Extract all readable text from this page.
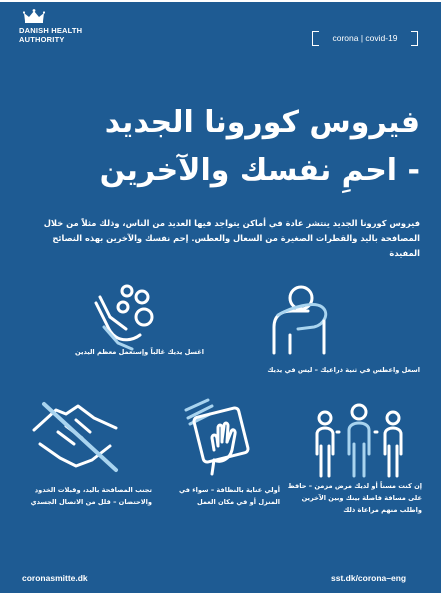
DANISH HEALTH
AUTHORITY	corona | covid-19
فيروس كورونا الجديد
- احمِ نفسك والآخرين
فيروس كورونا الجديد ينتشر عادة في أماكن يتواجد فيها العديد من الناس، وذلك مثلاً من خلال المصافحة باليد والقطرات الصغيرة من السعال والعطس. إحم نفسك والآخرين بهذه النصائح المفيدة
اسعل واعطس في ثنية ذراعيك – ليس في يديك
اغسل يديك غالباً وإستعمل معظم اليدين
تجنب المصافحة باليد، وقبلات الخدود والاحتضان – قلل من الاتصال الجسدي
أولي عناية بالنظافة – سواء في المنزل أو في مكان العمل
إن كنت مسناً أو لديك مرض مزمن – حافظ على مسافة فاصلة بينك وبين الآخرين واطلب منهم مراعاة ذلك
coronasmitte.dk	sst.dk/corona–eng
